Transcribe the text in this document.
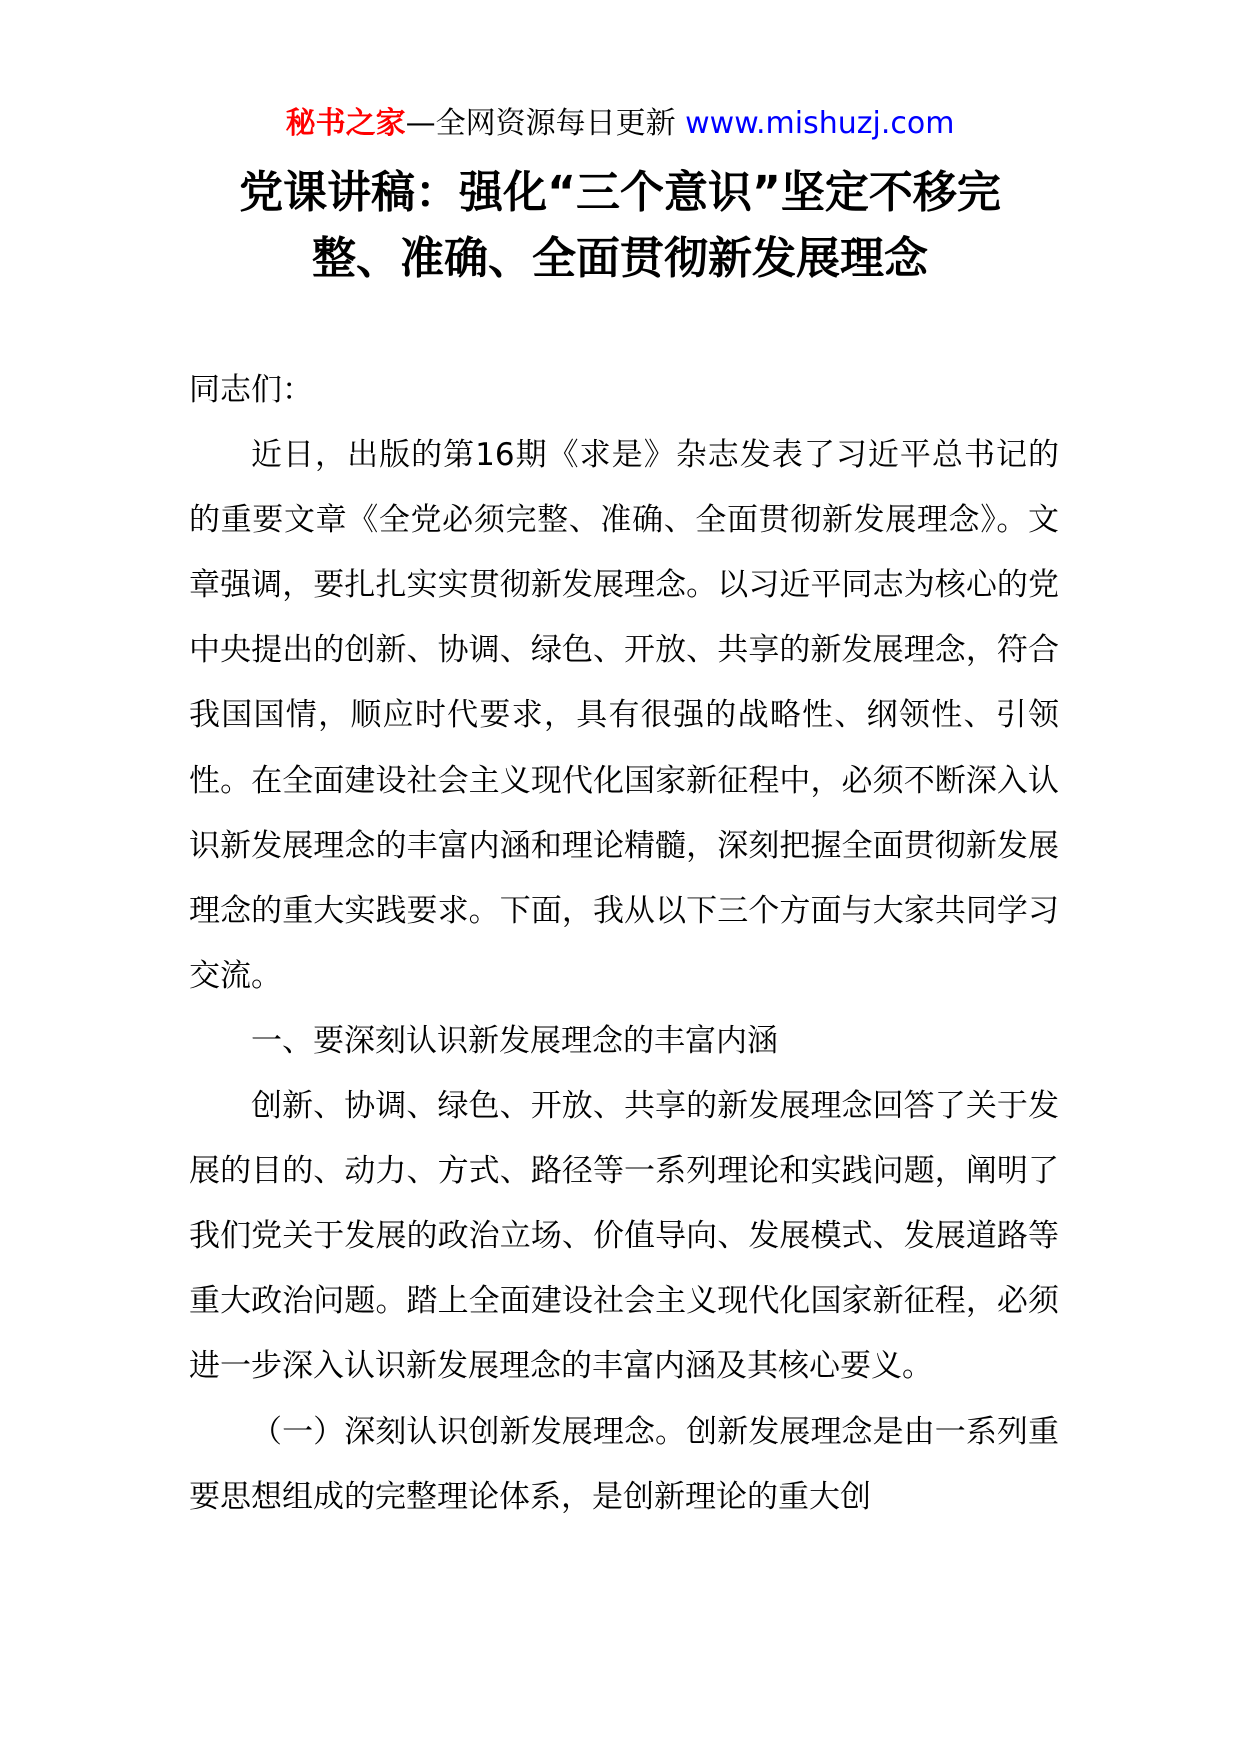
秘书之家—全网资源每日更新 www.mishuzj.com
党课讲稿：强化“三个意识”坚定不移完
整、准确、全面贯彻新发展理念

同志们：

近日，出版的第16期《求是》杂志发表了习近平总书记的的重要文章《全党必须完整、准确、全面贯彻新发展理念》。文章强调，要扎扎实实贯彻新发展理念。以习近平同志为核心的党中央提出的创新、协调、绿色、开放、共享的新发展理念，符合我国国情，顺应时代要求，具有很强的战略性、纲领性、引领性。在全面建设社会主义现代化国家新征程中，必须不断深入认识新发展理念的丰富内涵和理论精髓，深刻把握全面贯彻新发展理念的重大实践要求。下面，我从以下三个方面与大家共同学习交流。

一、要深刻认识新发展理念的丰富内涵

创新、协调、绿色、开放、共享的新发展理念回答了关于发展的目的、动力、方式、路径等一系列理论和实践问题，阐明了我们党关于发展的政治立场、价值导向、发展模式、发展道路等重大政治问题。踏上全面建设社会主义现代化国家新征程，必须进一步深入认识新发展理念的丰富内涵及其核心要义。

（一）深刻认识创新发展理念。创新发展理念是由一系列重要思想组成的完整理论体系，是创新理论的重大创
